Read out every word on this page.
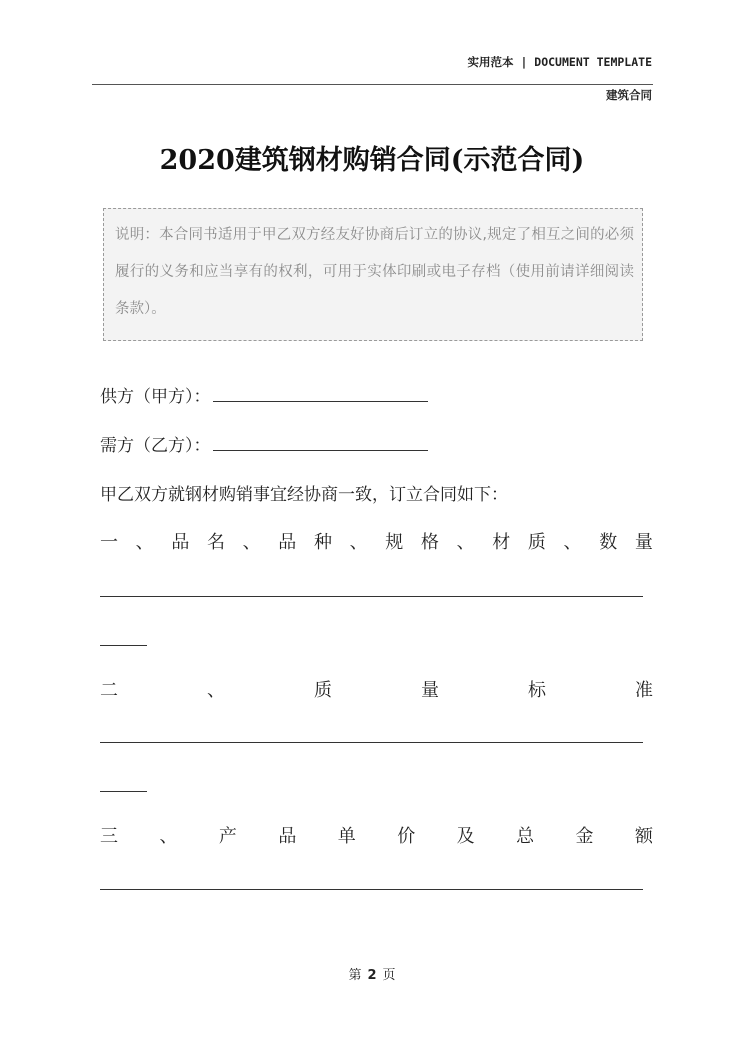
实用范本 | DOCUMENT TEMPLATE
建筑合同
2020建筑钢材购销合同(示范合同)
说明：本合同书适用于甲乙双方经友好协商后订立的协议,规定了相互之间的必须履行的义务和应当享有的权利，可用于实体印刷或电子存档（使用前请详细阅读条款）。
供方（甲方）：
需方（乙方）：
甲乙双方就钢材购销事宜经协商一致，订立合同如下：
一 、 品 名 、 品 种 、 规 格 、 材 质 、 数 量
二	、	质	量	标	准
三 、 产 品 单 价 及 总 金 额
第 2 页
